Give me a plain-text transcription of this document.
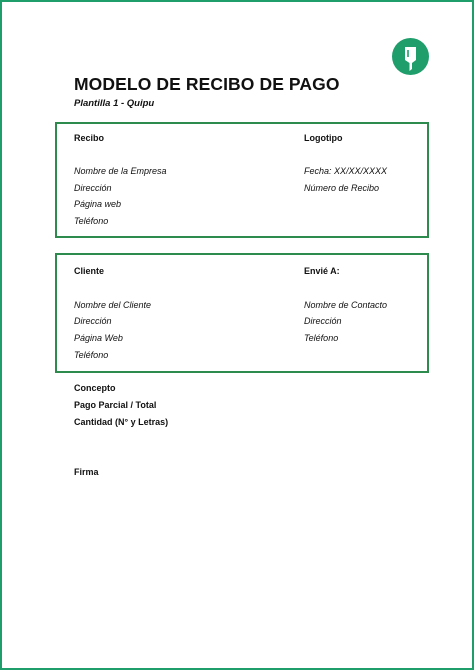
MODELO DE RECIBO DE PAGO
Plantilla 1 - Quipu
Recibo	Logotipo
Nombre de la Empresa
Dirección
Página web
Teléfono
Fecha: XX/XX/XXXX
Número de Recibo
Cliente	Envié A:
Nombre del Cliente
Dirección
Página Web
Teléfono
Nombre de Contacto
Dirección
Teléfono
Concepto
Pago Parcial / Total
Cantidad (N° y Letras)
Firma
